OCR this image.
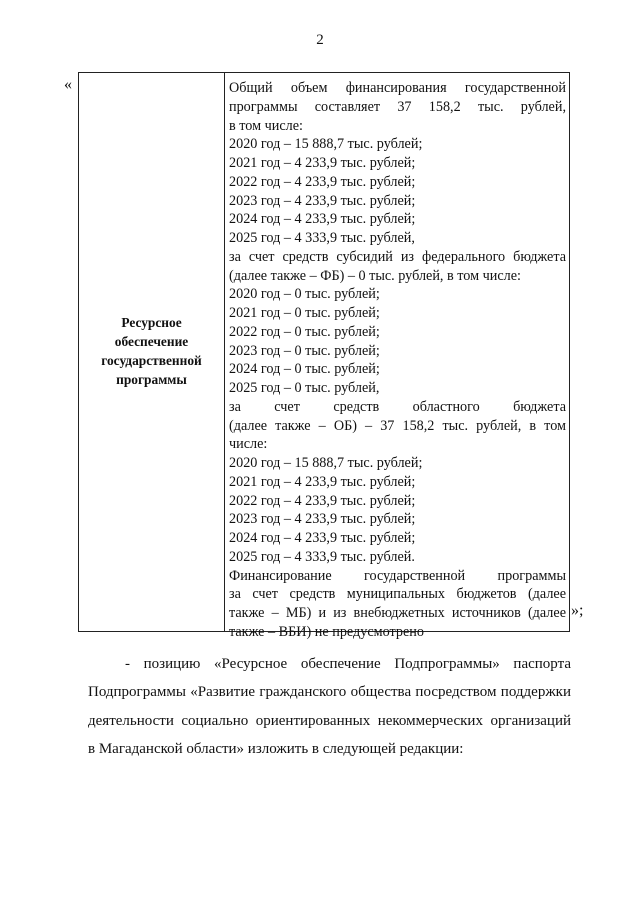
2
«

Ресурсное
обеспечение
государственной
программы

Общий объем финансирования государственной
программы составляет 37 158,2 тыс. рублей,
в том числе:
2020 год – 15 888,7 тыс. рублей;
2021 год – 4 233,9 тыс. рублей;
2022 год – 4 233,9 тыс. рублей;
2023 год – 4 233,9 тыс. рублей;
2024 год – 4 233,9 тыс. рублей;
2025 год – 4 333,9 тыс. рублей,
за счет средств субсидий из федерального бюджета
(далее также – ФБ) – 0 тыс. рублей, в том числе:
2020 год – 0 тыс. рублей;
2021 год – 0 тыс. рублей;
2022 год – 0 тыс. рублей;
2023 год – 0 тыс. рублей;
2024 год – 0 тыс. рублей;
2025 год – 0 тыс. рублей,
за счет средств областного бюджета
(далее также – ОБ) – 37 158,2 тыс. рублей, в том
числе:
2020 год – 15 888,7 тыс. рублей;
2021 год – 4 233,9 тыс. рублей;
2022 год – 4 233,9 тыс. рублей;
2023 год – 4 233,9 тыс. рублей;
2024 год – 4 233,9 тыс. рублей;
2025 год – 4 333,9 тыс. рублей.
Финансирование государственной программы
за счет средств муниципальных бюджетов (далее
также – МБ) и из внебюджетных источников (далее
также – ВБИ) не предусмотрено
»;
- позицию «Ресурсное обеспечение Подпрограммы» паспорта
Подпрограммы «Развитие гражданского общества посредством поддержки
деятельности социально ориентированных некоммерческих организаций
в Магаданской области» изложить в следующей редакции:
